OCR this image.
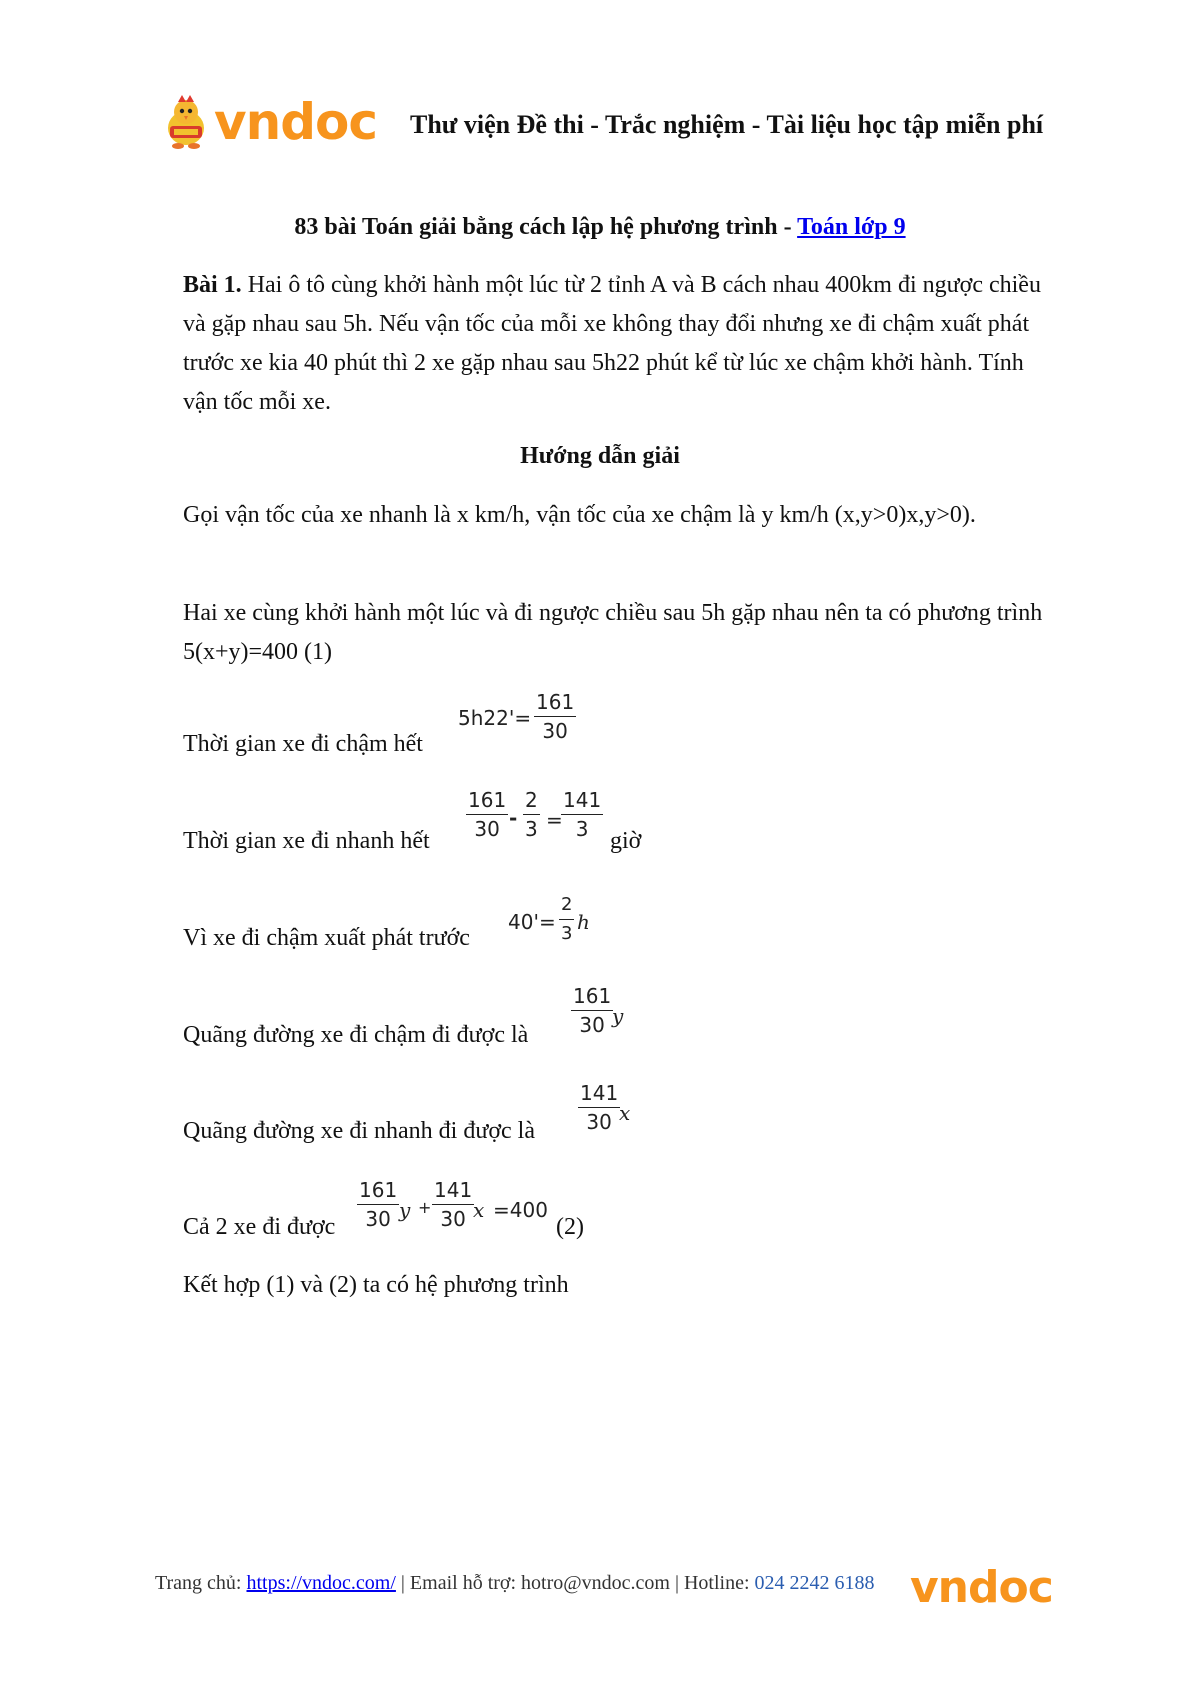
vndoc Thư viện Đề thi - Trắc nghiệm - Tài liệu học tập miễn phí
83 bài Toán giải bằng cách lập hệ phương trình - Toán lớp 9
Bài 1. Hai ô tô cùng khởi hành một lúc từ 2 tỉnh A và B cách nhau 400km đi ngược chiều và gặp nhau sau 5h. Nếu vận tốc của mỗi xe không thay đổi nhưng xe đi chậm xuất phát trước xe kia 40 phút thì 2 xe gặp nhau sau 5h22 phút kể từ lúc xe chậm khởi hành. Tính vận tốc mỗi xe.
Hướng dẫn giải
Gọi vận tốc của xe nhanh là x km/h, vận tốc của xe chậm là y km/h (x,y>0)x,y>0).
Hai xe cùng khởi hành một lúc và đi ngược chiều sau 5h gặp nhau nên ta có phương trình 5(x+y)=400 (1)
Thời gian xe đi chậm hết
$5h22'= \frac{161}{30}$
Thời gian xe đi nhanh hết $\frac{161}{30} - \frac{2}{3}$ =
$\frac{141}{3}$ giờ
Vì xe đi chậm xuất phát trước
$40'= \frac{2}{3}$ h
Quãng đường xe đi chậm đi được là $\frac{161}{30}$
y
Quãng đường xe đi nhanh đi được là $\frac{141}{30}$
x
Cả 2 xe đi được $\frac{161}{30}$ $y + \frac{141}{30}$
x =400
(2)
Kết hợp (1) và (2) ta có hệ phương trình
Trang chủ: https://vndoc.com/ | Email hỗ trợ: hotro@vndoc.com | Hotline: 024 2242 6188 vndoc
